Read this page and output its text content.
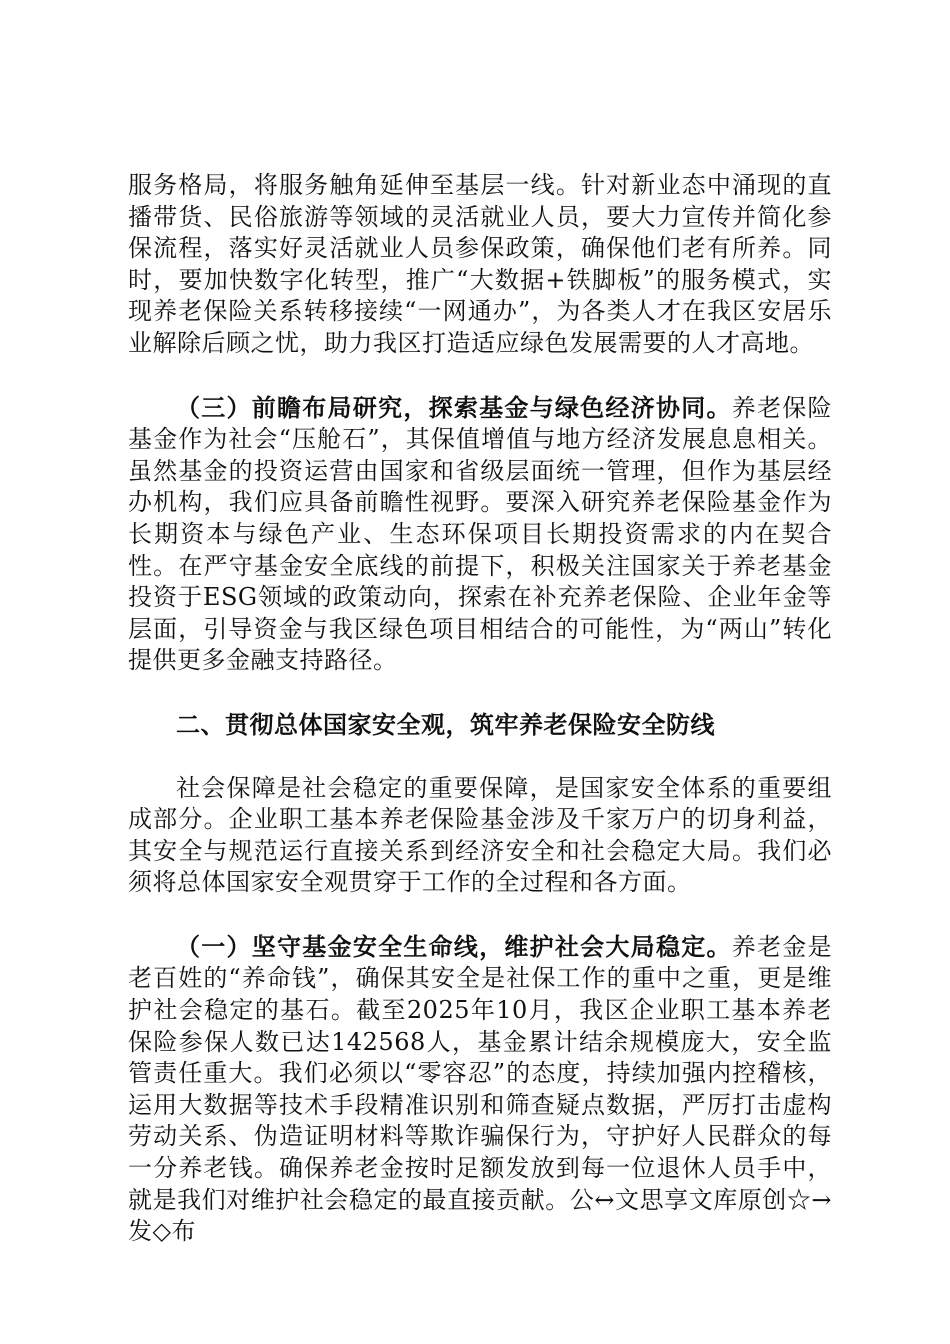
服务格局，将服务触角延伸至基层一线。针对新业态中涌现的直播带货、民俗旅游等领域的灵活就业人员，要大力宣传并简化参保流程，落实好灵活就业人员参保政策，确保他们老有所养。同时，要加快数字化转型，推广“大数据+铁脚板”的服务模式，实现养老保险关系转移接续“一网通办”，为各类人才在我区安居乐业解除后顾之忧，助力我区打造适应绿色发展需要的人才高地。

（三）前瞻布局研究，探索基金与绿色经济协同。养老保险基金作为社会“压舱石”，其保值增值与地方经济发展息息相关。虽然基金的投资运营由国家和省级层面统一管理，但作为基层经办机构，我们应具备前瞻性视野。要深入研究养老保险基金作为长期资本与绿色产业、生态环保项目长期投资需求的内在契合性。在严守基金安全底线的前提下，积极关注国家关于养老基金投资于ESG领域的政策动向，探索在补充养老保险、企业年金等层面，引导资金与我区绿色项目相结合的可能性，为“两山”转化提供更多金融支持路径。

二、贯彻总体国家安全观，筑牢养老保险安全防线

社会保障是社会稳定的重要保障，是国家安全体系的重要组成部分。企业职工基本养老保险基金涉及千家万户的切身利益，其安全与规范运行直接关系到经济安全和社会稳定大局。我们必须将总体国家安全观贯穿于工作的全过程和各方面。

（一）坚守基金安全生命线，维护社会大局稳定。养老金是老百姓的“养命钱”，确保其安全是社保工作的重中之重，更是维护社会稳定的基石。截至2025年10月，我区企业职工基本养老保险参保人数已达142568人，基金累计结余规模庞大，安全监管责任重大。我们必须以“零容忍”的态度，持续加强内控稽核，运用大数据等技术手段精准识别和筛查疑点数据，严厉打击虚构劳动关系、伪造证明材料等欺诈骗保行为，守护好人民群众的每一分养老钱。确保养老金按时足额发放到每一位退休人员手中，就是我们对维护社会稳定的最直接贡献。公↔文思享文库原创☆→发◇布
